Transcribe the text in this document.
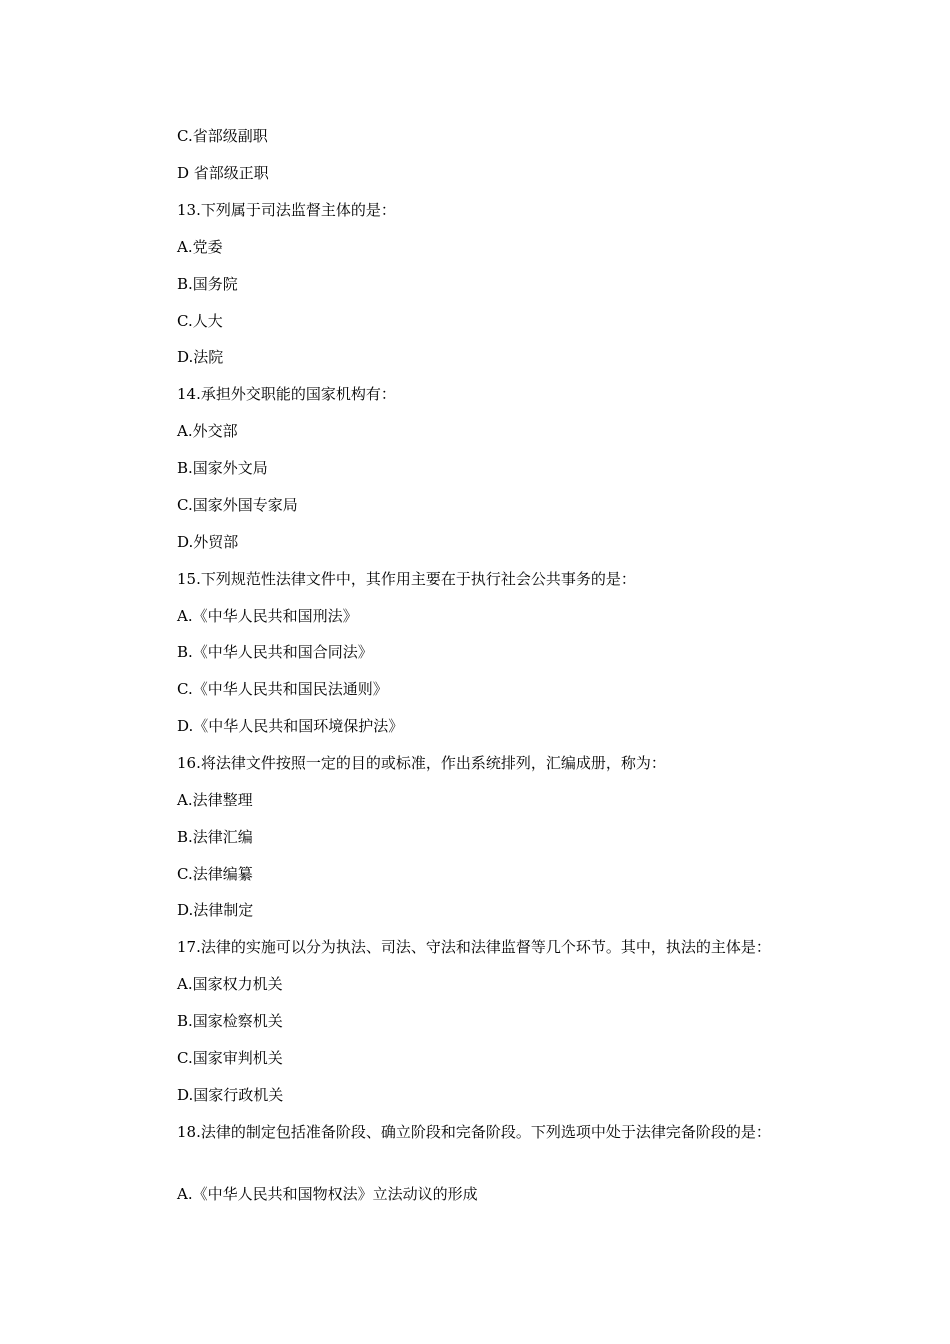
C.省部级副职
D 省部级正职
13.下列属于司法监督主体的是：
A.党委
B.国务院
C.人大
D.法院
14.承担外交职能的国家机构有：
A.外交部
B.国家外文局
C.国家外国专家局
D.外贸部
15.下列规范性法律文件中，其作用主要在于执行社会公共事务的是：
A.《中华人民共和国刑法》
B.《中华人民共和国合同法》
C.《中华人民共和国民法通则》
D.《中华人民共和国环境保护法》
16.将法律文件按照一定的目的或标准，作出系统排列，汇编成册，称为：
A.法律整理
B.法律汇编
C.法律编纂
D.法律制定
17.法律的实施可以分为执法、司法、守法和法律监督等几个环节。其中，执法的主体是：
A.国家权力机关
B.国家检察机关
C.国家审判机关
D.国家行政机关
18.法律的制定包括准备阶段、确立阶段和完备阶段。下列选项中处于法律完备阶段的是：
A.《中华人民共和国物权法》立法动议的形成
